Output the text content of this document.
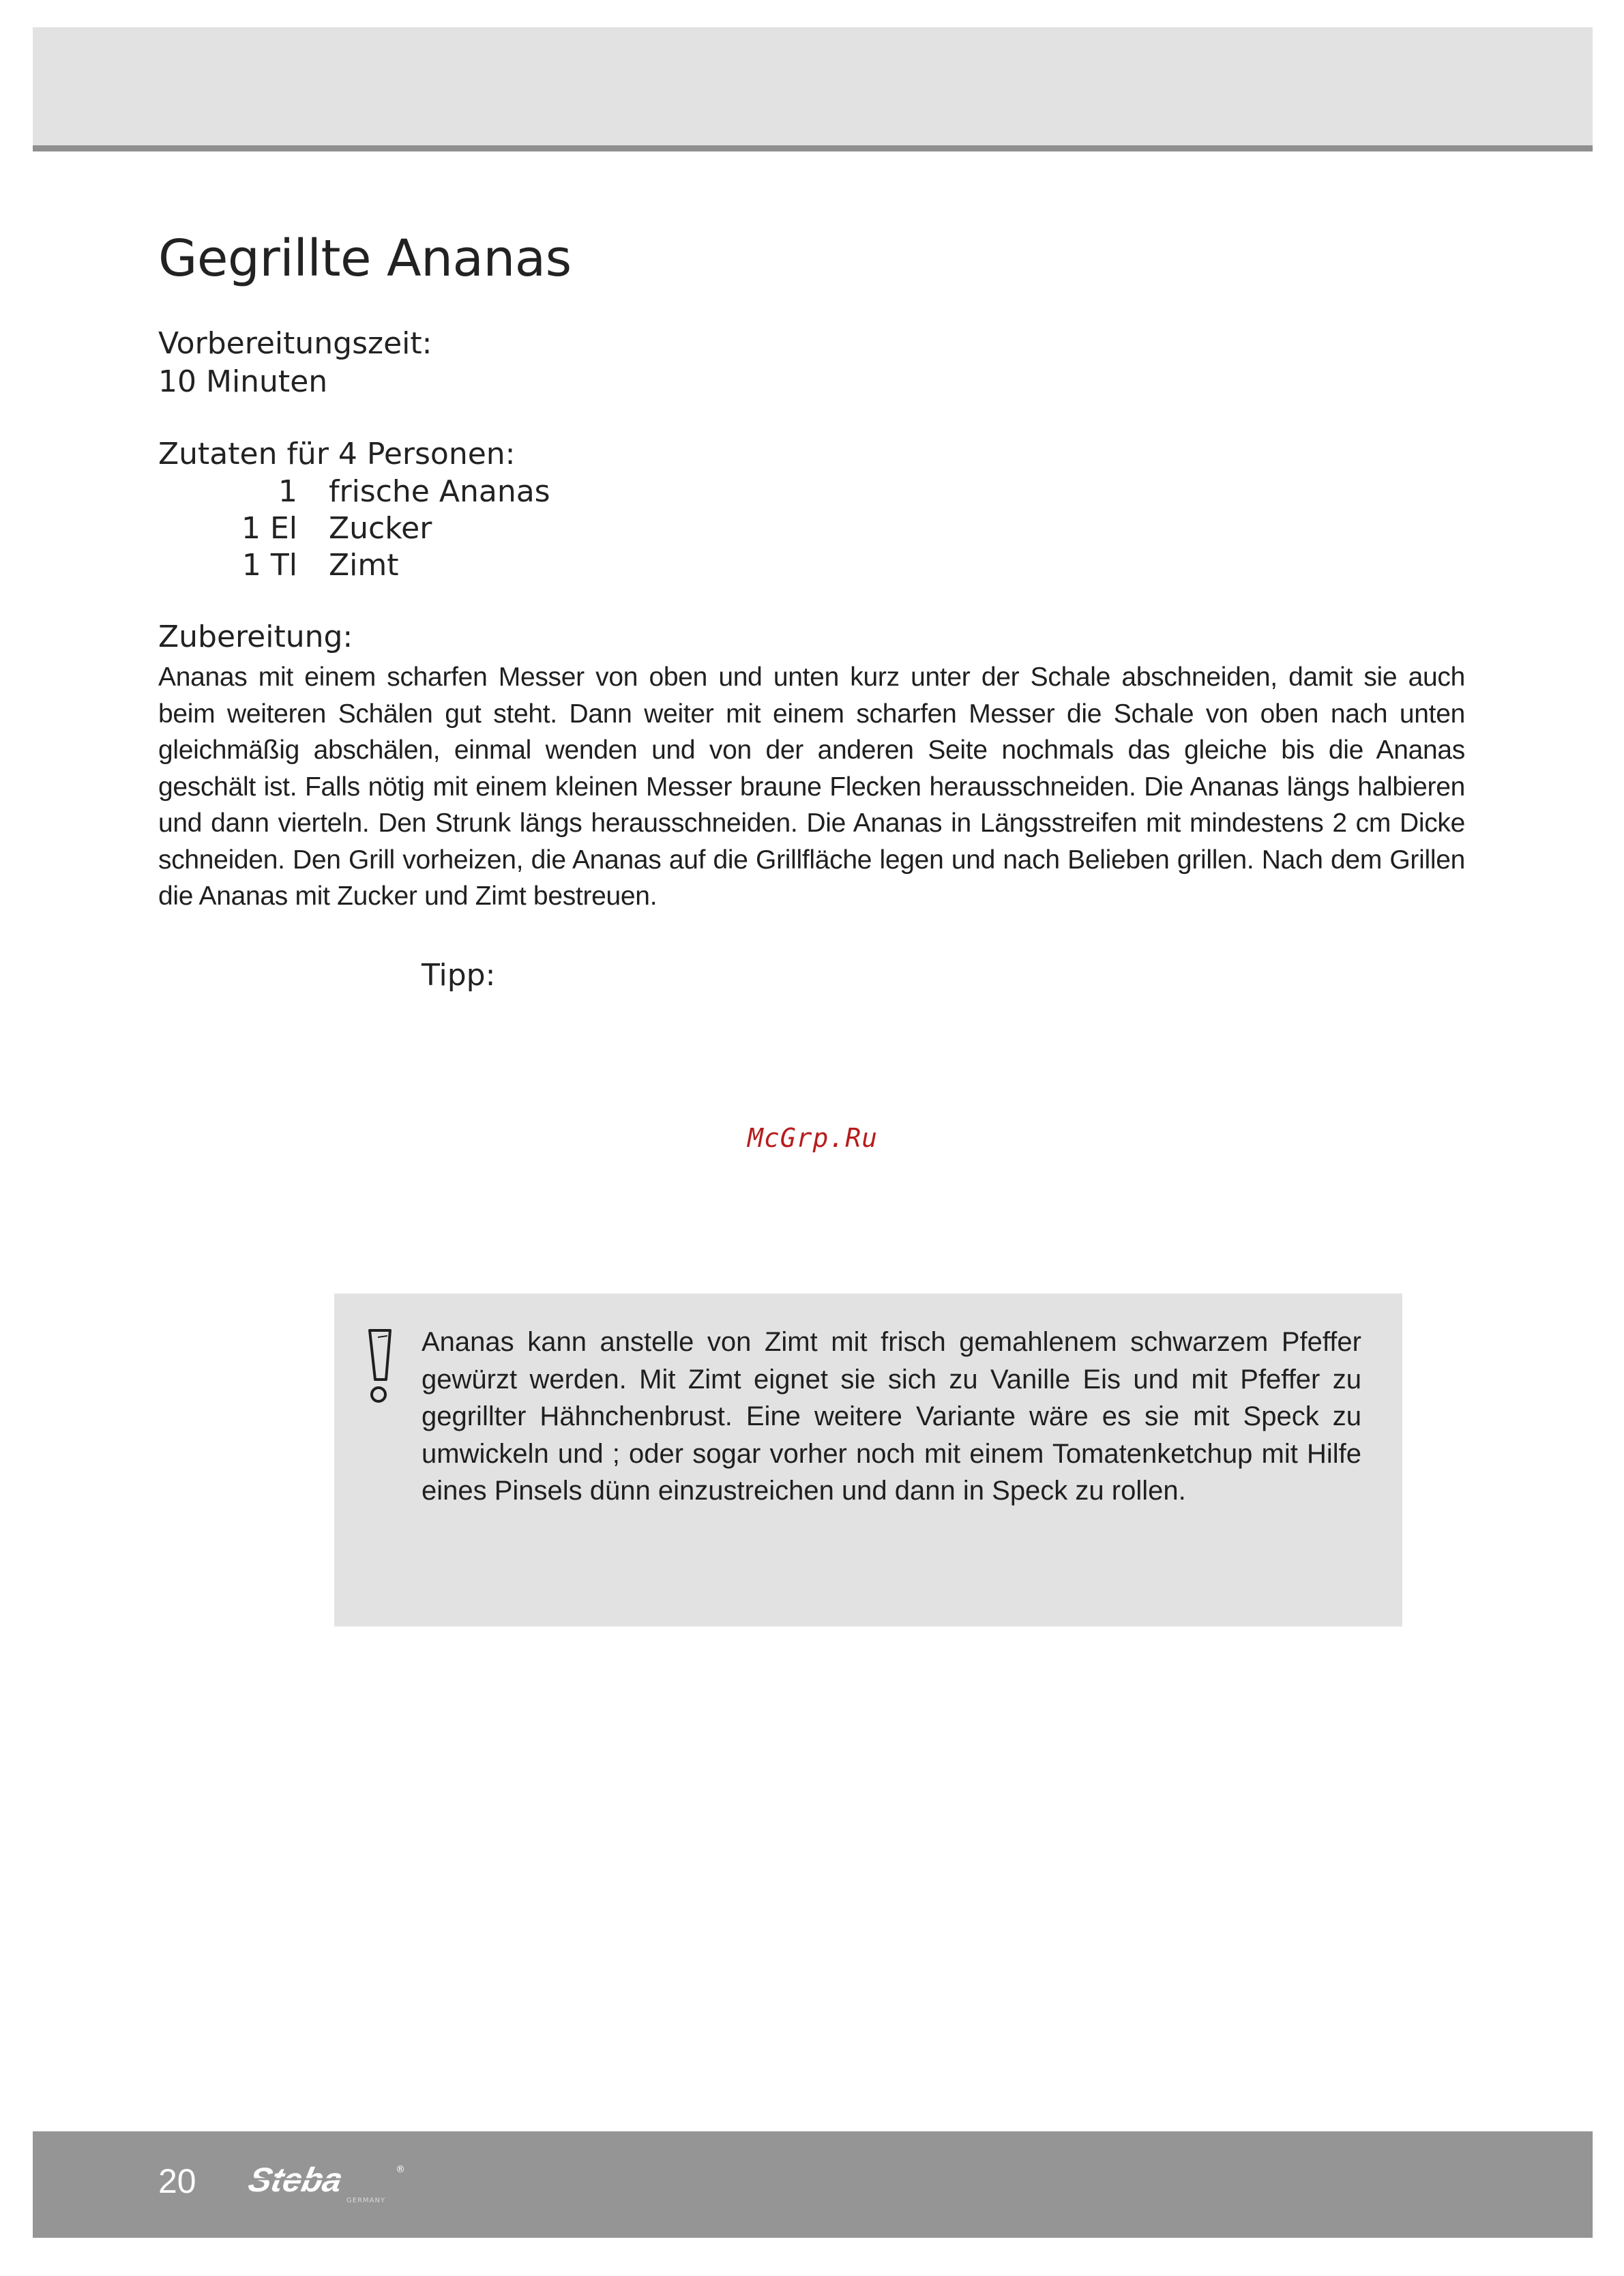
Gegrillte Ananas
Vorbereitungszeit:
10 Minuten
Zutaten für 4 Personen:
1	frische Ananas
1 El	Zucker
1 Tl	Zimt
Zubereitung:

Ananas mit einem scharfen Messer von oben und unten kurz unter der Schale abschneiden, damit sie auch beim weiteren Schälen gut steht. Dann weiter mit einem scharfen Messer die Schale von oben nach unten gleichmäßig abschälen, einmal wenden und von der anderen Seite nochmals das gleiche bis die Ananas geschält ist. Falls nötig mit einem kleinen Messer braune Flecken herausschneiden. Die Ananas längs halbieren und dann vierteln. Den Strunk längs herausschneiden. Die Ananas in Längsstreifen mit mindestens 2 cm Dicke schneiden. Den Grill vorheizen, die Ananas auf die Grillfläche legen und nach Belieben grillen. Nach dem Grillen die Ananas mit Zucker und Zimt bestreuen.

Tipp:
McGrp.Ru

Ananas kann anstelle von Zimt mit frisch gemahlenem schwarzem Pfeffer gewürzt werden. Mit Zimt eignet sie sich zu Vanille Eis und mit Pfeffer zu gegrillter Hähnchenbrust. Eine weitere Variante wäre es sie mit Speck zu umwickeln und ; oder sogar vorher noch mit einem Tomatenketchup mit Hilfe eines Pinsels dünn einzustreichen und dann in Speck zu rollen.

20 Steba	®
GERMANY
